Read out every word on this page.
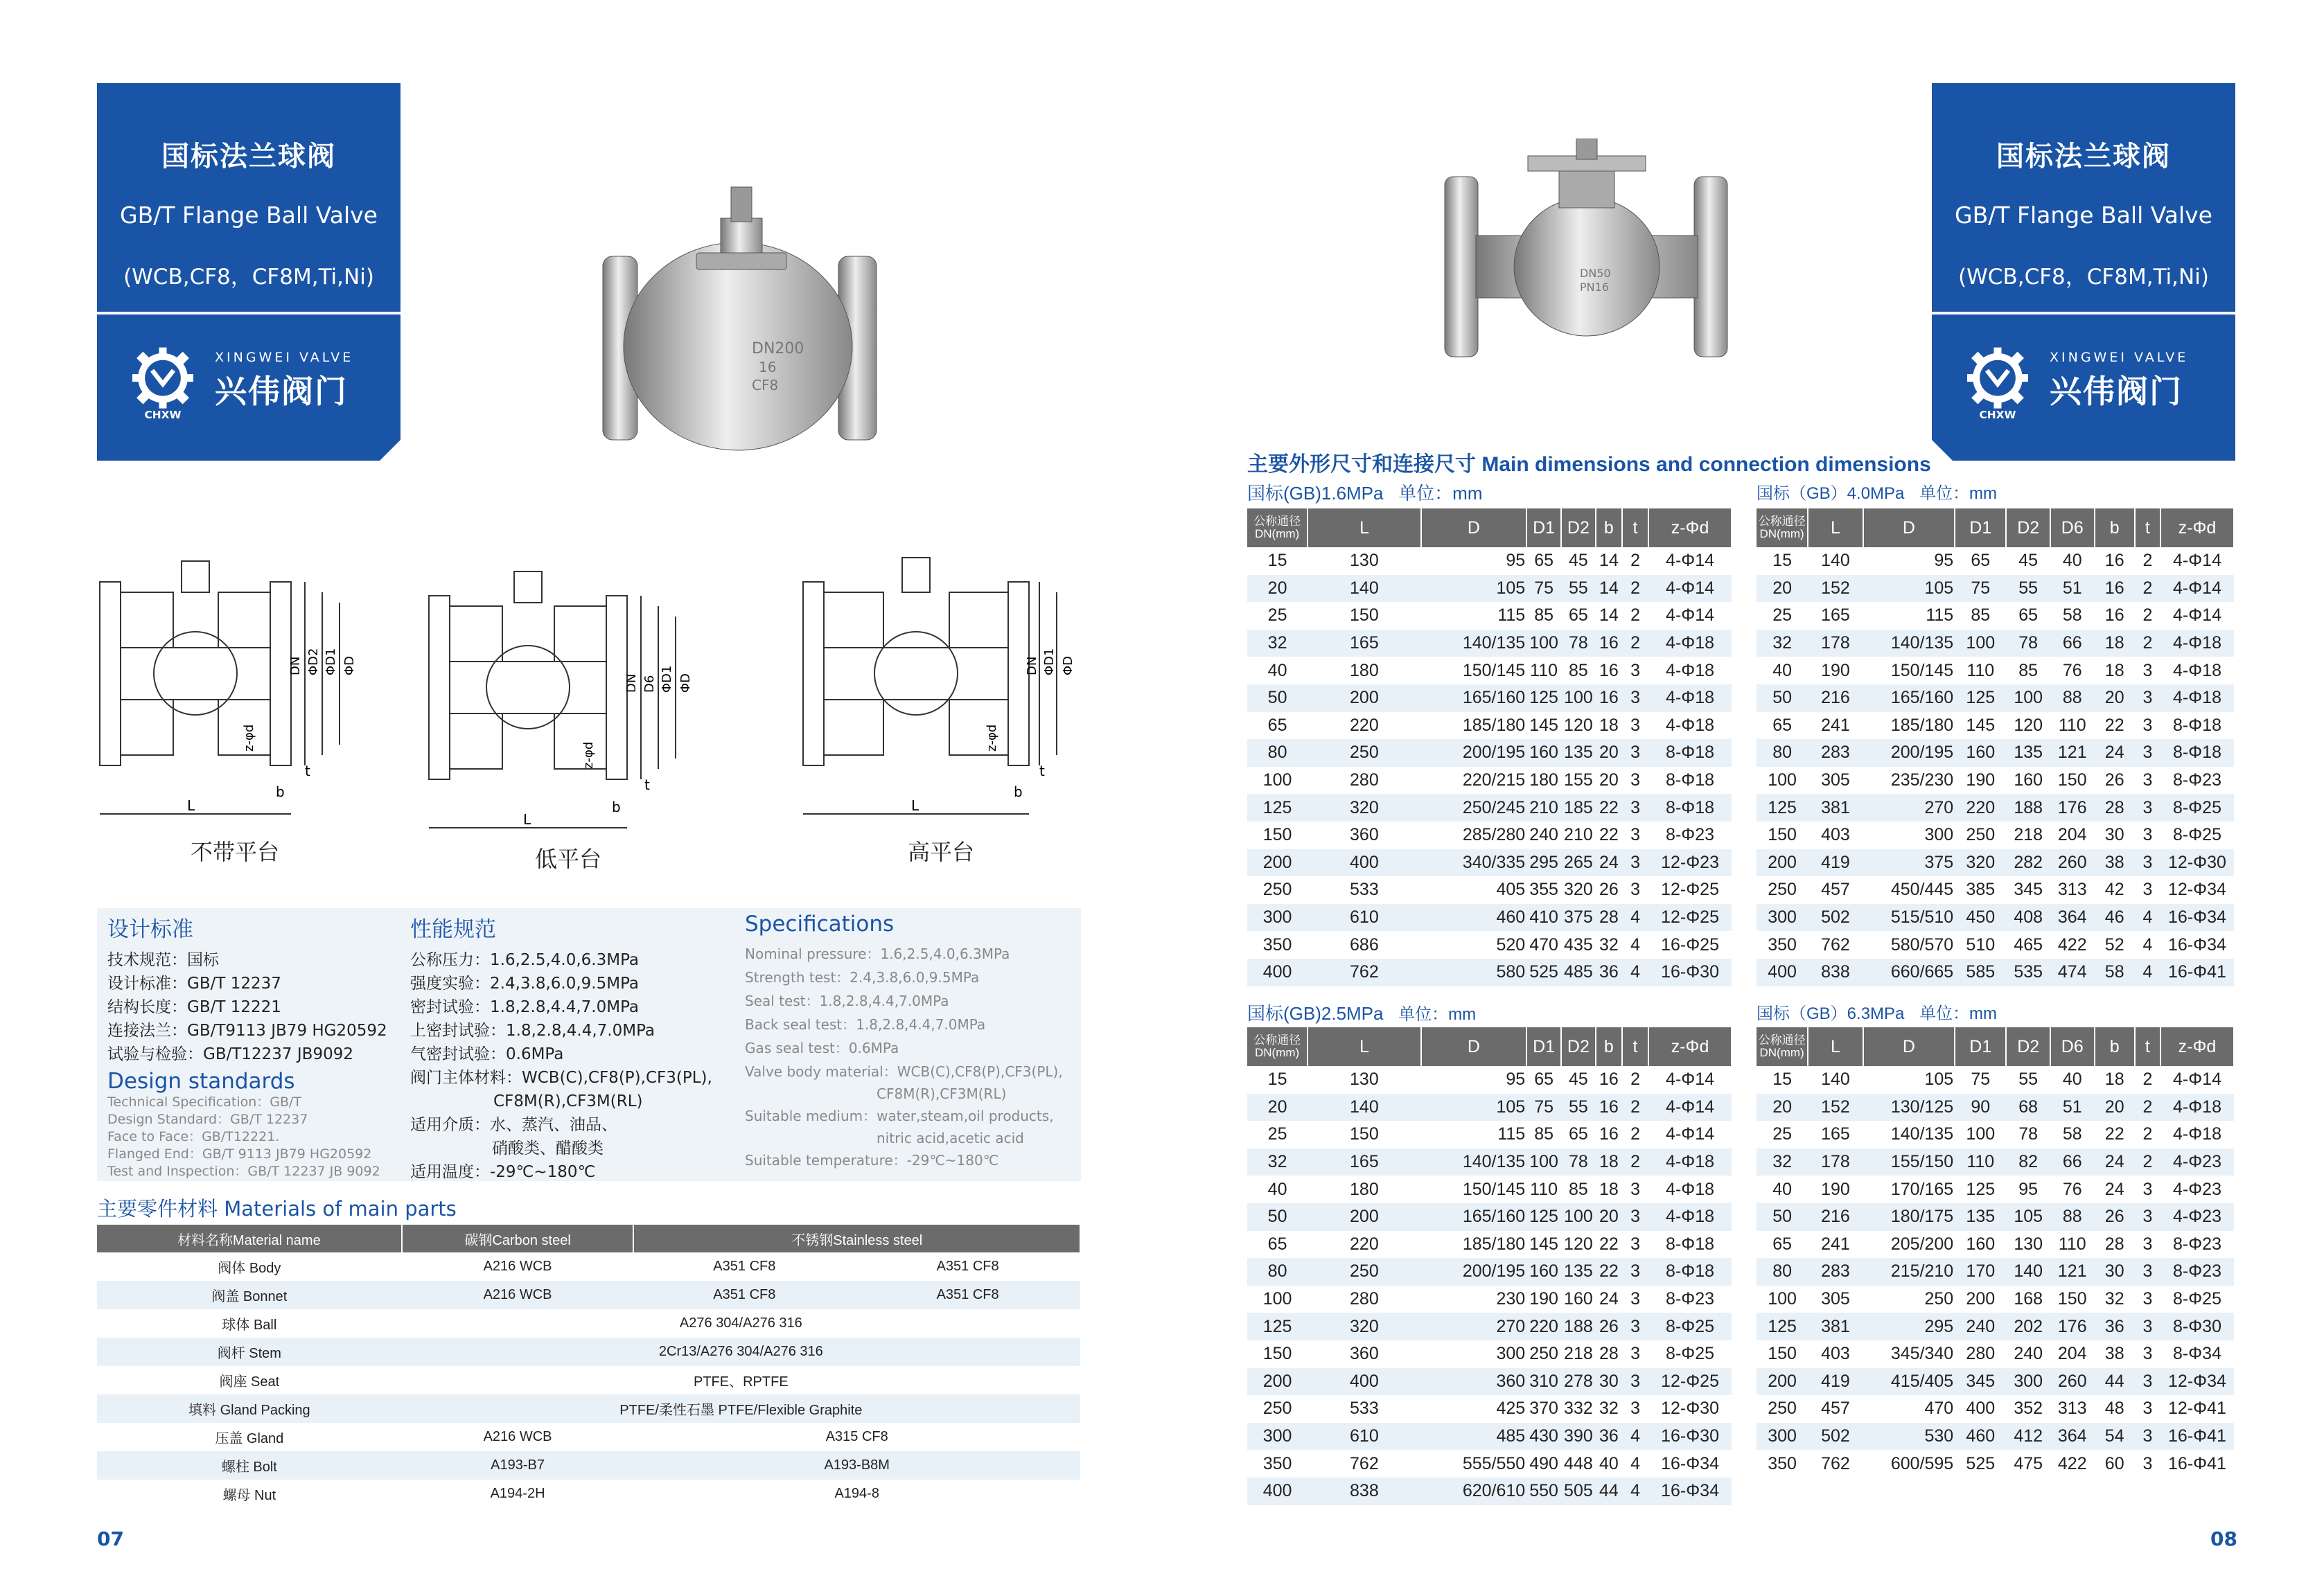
国标法兰球阀
GB/T Flange Ball Valve
(WCB,CF8，CF8M,Ti,Ni)
CHXW
XINGWEI VALVE
兴伟阀门
国标法兰球阀
GB/T Flange Ball Valve
(WCB,CF8，CF8M,Ti,Ni)
CHXW
XINGWEI VALVE
兴伟阀门
DN200
16
CF8
DN50
PN16
L
b
t
DN ΦD2 ΦD1 ΦD
z-φd
L
b
t
DN D6 ΦD1 ΦD
z-φd
L
b
t
DN ΦD1 ΦD
z-φd
不带平台	低平台	高平台
设计标准
技术规范：国标
设计标准：GB/T 12237
结构长度：GB/T 12221
连接法兰：GB/T9113 JB79 HG20592
试验与检验：GB/T12237 JB9092
Design standards
Technical Specification：GB/T
Design Standard：GB/T 12237
Face to Face：GB/T12221.
Flanged End：GB/T 9113 JB79 HG20592
Test and Inspection：GB/T 12237 JB 9092
性能规范
公称压力：1.6,2.5,4.0,6.3MPa
强度实验：2.4,3.8,6.0,9.5MPa
密封试验：1.8,2.8,4.4,7.0MPa
上密封试验：1.8,2.8,4.4,7.0MPa
气密封试验：0.6MPa
阀门主体材料：WCB(C),CF8(P),CF3(PL),
CF8M(R),CF3M(RL)
适用介质：水、蒸汽、油品、
硝酸类、醋酸类
适用温度：-29℃~180℃
Specifications
Nominal pressure：1.6,2.5,4.0,6.3MPa
Strength test：2.4,3.8,6.0,9.5MPa
Seal test：1.8,2.8,4.4,7.0MPa
Back seal test：1.8,2.8,4.4,7.0MPa
Gas seal test：0.6MPa
Valve body material：WCB(C),CF8(P),CF3(PL),
CF8M(R),CF3M(RL)
Suitable medium：water,steam,oil products,
nitric acid,acetic acid
Suitable temperature：-29℃~180℃
主要零件材料 Materials of main parts
材料名称Material name	碳钢Carbon steel	不锈钢Stainless steel	
阀体 Body	A216 WCB	A351 CF8	A351 CF8
阀盖 Bonnet	A216 WCB	A351 CF8	A351 CF8
球体 Ball	A276 304/A276 316		
阀杆 Stem	2Cr13/A276 304/A276 316		
阀座 Seat	PTFE、RPTFE		
填料 Gland Packing	PTFE/柔性石墨 PTFE/Flexible Graphite		
压盖 Gland	A216 WCB	A315 CF8	
螺柱 Bolt	A193-B7	A193-B8M	
螺母 Nut	A194-2H	A194-8	
主要外形尺寸和连接尺寸 Main dimensions and connection dimensions
国标(GB)1.6MPa 单位：mm
公称通径DN(mm)	L	D	D1	D2	b	t	z-Φd
15	130	95	65	45	14	2	4-Φ14
20	140	105	75	55	14	2	4-Φ14
25	150	115	85	65	14	2	4-Φ14
32	165	140/135	100	78	16	2	4-Φ18
40	180	150/145	110	85	16	3	4-Φ18
50	200	165/160	125	100	16	3	4-Φ18
65	220	185/180	145	120	18	3	4-Φ18
80	250	200/195	160	135	20	3	8-Φ18
100	280	220/215	180	155	20	3	8-Φ18
125	320	250/245	210	185	22	3	8-Φ18
150	360	285/280	240	210	22	3	8-Φ23
200	400	340/335	295	265	24	3	12-Φ23
250	533	405	355	320	26	3	12-Φ25
300	610	460	410	375	28	4	12-Φ25
350	686	520	470	435	32	4	16-Φ25
400	762	580	525	485	36	4	16-Φ30
国标（GB）4.0MPa 单位：mm
公称通径DN(mm)	L	D	D1	D2	D6	b	t	z-Φd
15	140	95	65	45	40	16	2	4-Φ14
20	152	105	75	55	51	16	2	4-Φ14
25	165	115	85	65	58	16	2	4-Φ14
32	178	140/135	100	78	66	18	2	4-Φ18
40	190	150/145	110	85	76	18	3	4-Φ18
50	216	165/160	125	100	88	20	3	4-Φ18
65	241	185/180	145	120	110	22	3	8-Φ18
80	283	200/195	160	135	121	24	3	8-Φ18
100	305	235/230	190	160	150	26	3	8-Φ23
125	381	270	220	188	176	28	3	8-Φ25
150	403	300	250	218	204	30	3	8-Φ25
200	419	375	320	282	260	38	3	12-Φ30
250	457	450/445	385	345	313	42	3	12-Φ34
300	502	515/510	450	408	364	46	4	16-Φ34
350	762	580/570	510	465	422	52	4	16-Φ34
400	838	660/665	585	535	474	58	4	16-Φ41
国标(GB)2.5MPa 单位：mm
公称通径DN(mm)	L	D	D1	D2	b	t	z-Φd
15	130	95	65	45	16	2	4-Φ14
20	140	105	75	55	16	2	4-Φ14
25	150	115	85	65	16	2	4-Φ14
32	165	140/135	100	78	18	2	4-Φ18
40	180	150/145	110	85	18	3	4-Φ18
50	200	165/160	125	100	20	3	4-Φ18
65	220	185/180	145	120	22	3	8-Φ18
80	250	200/195	160	135	22	3	8-Φ18
100	280	230	190	160	24	3	8-Φ23
125	320	270	220	188	26	3	8-Φ25
150	360	300	250	218	28	3	8-Φ25
200	400	360	310	278	30	3	12-Φ25
250	533	425	370	332	32	3	12-Φ30
300	610	485	430	390	36	4	16-Φ30
350	762	555/550	490	448	40	4	16-Φ34
400	838	620/610	550	505	44	4	16-Φ34
国标（GB）6.3MPa 单位：mm
公称通径DN(mm)	L	D	D1	D2	D6	b	t	z-Φd
15	140	105	75	55	40	18	2	4-Φ14
20	152	130/125	90	68	51	20	2	4-Φ18
25	165	140/135	100	78	58	22	2	4-Φ18
32	178	155/150	110	82	66	24	2	4-Φ23
40	190	170/165	125	95	76	24	3	4-Φ23
50	216	180/175	135	105	88	26	3	4-Φ23
65	241	205/200	160	130	110	28	3	8-Φ23
80	283	215/210	170	140	121	30	3	8-Φ23
100	305	250	200	168	150	32	3	8-Φ25
125	381	295	240	202	176	36	3	8-Φ30
150	403	345/340	280	240	204	38	3	8-Φ34
200	419	415/405	345	300	260	44	3	12-Φ34
250	457	470	400	352	313	48	3	12-Φ41
300	502	530	460	412	364	54	3	16-Φ41
350	762	600/595	525	475	422	60	3	16-Φ41
07	08
